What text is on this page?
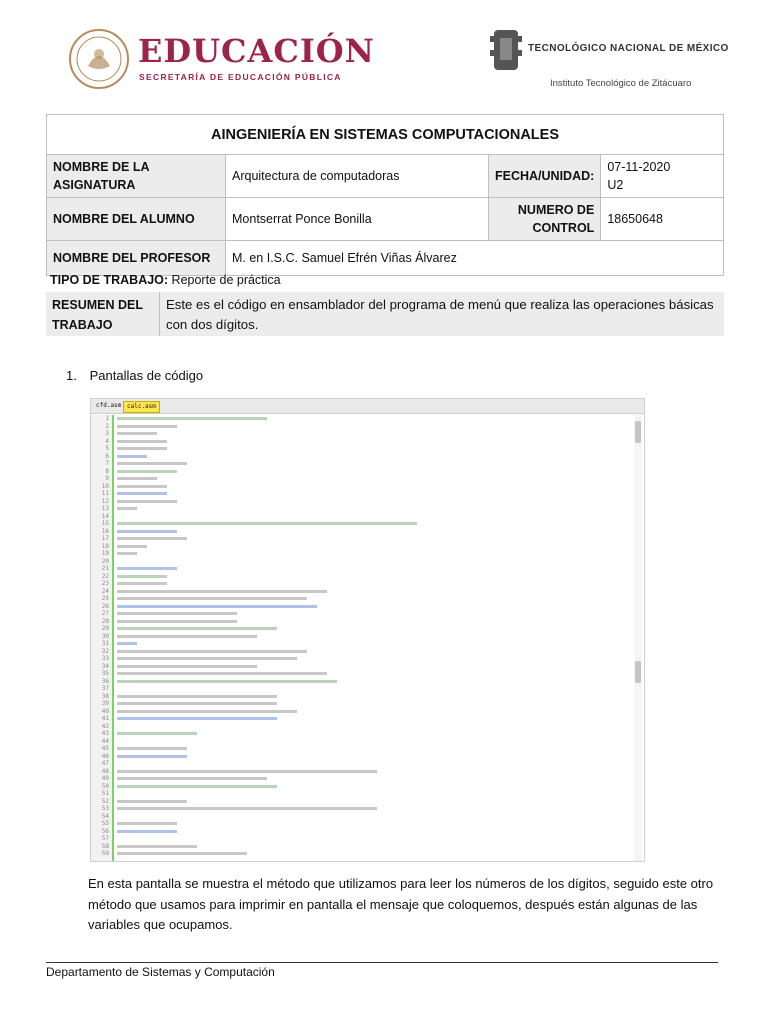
EDUCACIÓN
SECRETARÍA DE EDUCACIÓN PÚBLICA
TECNOLÓGICO NACIONAL DE MÉXICO
Instituto Tecnológico de Zitácuaro
AINGENIERÍA EN SISTEMAS COMPUTACIONALES			
NOMBRE DE LA ASIGNATURA	Arquitectura de computadoras	FECHA/UNIDAD:	07-11-2020
U2

NOMBRE DEL ALUMNO	Montserrat Ponce Bonilla	NUMERO DE CONTROL	18650648
NOMBRE DEL PROFESOR	M. en I.S.C. Samuel Efrén Viñas Álvarez		
TIPO DE TRABAJO: Reporte de práctica
RESUMEN DEL TRABAJO
Este es el código en ensamblador del programa de menú que realiza las operaciones básicas con dos dígitos.
1. Pantallas de código
cfd.asm calc.asm
1
2
3
4
5
6
7
8
9
10
11
12
13
14
15
16
17
18
19
20
21
22
23
24
25
26
27
28
29
30
31
32
33
34
35
36
37
38
39
40
41
42
43
44
45
46
47
48
49
50
51
52
53
54
55
56
57
58
59
En esta pantalla se muestra el método que utilizamos para leer los números de los dígitos, seguido este otro método que usamos para imprimir en pantalla el mensaje que coloquemos, después están algunas de las variables que ocupamos.
Departamento de Sistemas y Computación
